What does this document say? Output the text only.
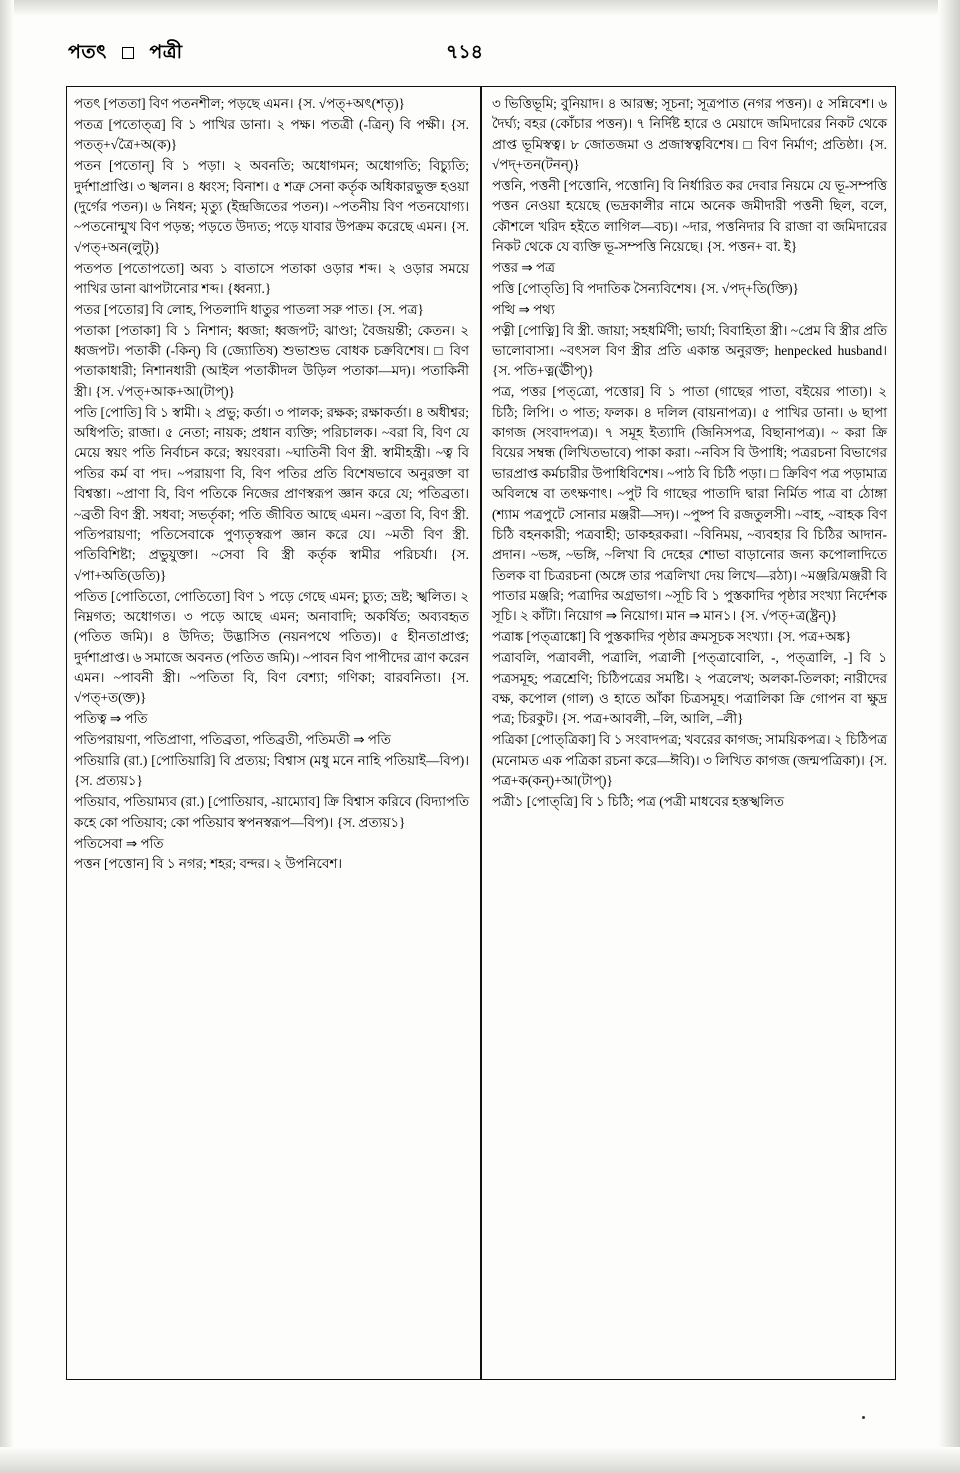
পতৎ পত্রী	৭১৪

পতৎ [পততা] বিণ পতনশীল; পড়ছে এমন। {স. √পত্‌+অৎ(শতৃ)}

পতত্র [পতোত্‌ত্র] বি ১ পাখির ডানা। ২ পক্ষ। পতত্রী (-ত্রিন্) বি পক্ষী। {স. পতত্‌+√ত্রৈ+অ(ক)}

পতন [পতোন্] বি ১ পড়া। ২ অবনতি; অধোগমন; অধোগতি; বিচ্যুতি; দুর্দশাপ্রাপ্তি। ৩ স্খলন। ৪ ধ্বংস; বিনাশ। ৫ শত্রু সেনা কর্তৃক অধিকারভুক্ত হওয়া (দুর্গের পতন)। ৬ নিধন; মৃত্যু (ইন্দ্রজিতের পতন)। ~পতনীয় বিণ পতনযোগ্য। ~পতনোন্মুখ বিণ পড়ন্ত; পড়তে উদ্যত; পড়ে যাবার উপক্রম করেছে এমন। {স. √পত্‌+অন(লুট্‌)}

পতপত [পতোপতো] অব্য ১ বাতাসে পতাকা ওড়ার শব্দ। ২ ওড়ার সময়ে পাখির ডানা ঝাপটানোর শব্দ। {ধ্বন্যা.}

পতর [পতোর] বি লোহ, পিতলাদি ধাতুর পাতলা সরু পাত। {স. পত্র}

পতাকা [পতাকা] বি ১ নিশান; ধ্বজা; ধ্বজপট; ঝাণ্ডা; বৈজয়ন্তী; কেতন। ২ ধ্বজপট। পতাকী (-কিন্) বি (জ্যোতিষ) শুভাশুভ বোধক চক্রবিশেষ। □ বিণ পতাকাধারী; নিশানধারী (আইল পতাকীদল উড়িল পতাকা—মদ)। পতাকিনী স্ত্রী। {স. √পত্‌+আক+আ(টাপ্)}

পতি [পোতি] বি ১ স্বামী। ২ প্রভু; কর্তা। ৩ পালক; রক্ষক; রক্ষাকর্তা। ৪ অধীশ্বর; অধিপতি; রাজা। ৫ নেতা; নায়ক; প্রধান ব্যক্তি; পরিচালক। ~বরা বি, বিণ যে মেয়ে স্বয়ং পতি নির্বাচন করে; স্বয়ংবরা। ~ঘাতিনী বিণ স্ত্রী. স্বামীহন্ত্রী। ~ত্ব বি পতির কর্ম বা পদ। ~পরায়ণা বি, বিণ পতির প্রতি বিশেষভাবে অনুরক্তা বা বিশ্বস্তা। ~প্রাণা বি, বিণ পতিকে নিজের প্রাণস্বরূপ জ্ঞান করে যে; পতিব্রতা। ~ব্রতী বিণ স্ত্রী. সধবা; সভর্তৃকা; পতি জীবিত আছে এমন। ~ব্রতা বি, বিণ স্ত্রী. পতিপরায়ণা; পতিসেবাকে পুণ্যতৃস্বরূপ জ্ঞান করে যে। ~মতী বিণ স্ত্রী. পতিবিশিষ্টা; প্রভুযুক্তা। ~সেবা বি স্ত্রী কর্তৃক স্বামীর পরিচর্যা। {স. √পা+অতি(ডতি)}

পতিত [পোতিতো, পোতিতো] বিণ ১ পড়ে গেছে এমন; চ্যুত; ভ্রষ্ট; স্খলিত। ২ নিম্নগত; অধোগত। ৩ পড়ে আছে এমন; অনাবাদি; অকর্ষিত; অব্যবহৃত (পতিত জমি)। ৪ উদিত; উদ্ভাসিত (নয়নপথে পতিত)। ৫ হীনতাপ্রাপ্ত; দুর্দশাপ্রাপ্ত। ৬ সমাজে অবনত (পতিত জমি)। ~পাবন বিণ পাপীদের ত্রাণ করেন এমন। ~পাবনী স্ত্রী। ~পতিতা বি, বিণ বেশ্যা; গণিকা; বারবনিতা। {স. √পত্‌+ত(ক্ত)}

পতিত্ব ⇒ পতি

পতিপরায়ণা, পতিপ্রাণা, পতিব্রতা, পতিব্রতী, পতিমতী ⇒ পতি

পতিয়ারি (রা.) [পোতিয়ারি] বি প্রত্যয়; বিশ্বাস (মধু মনে নাহি পতিয়াই—বিপ)। {স. প্রত্যয়১}

পতিয়াব, পতিয়াম্যব (রা.) [পোতিয়াব, -য়াম্যোব] ক্রি বিশ্বাস করিবে (বিদ্যাপতি কহে কো পতিয়াব; কো পতিয়াব স্বপনস্বরূপ—বিপ)। {স. প্রত্যয়১}

পতিসেবা ⇒ পতি

পত্তন [পত্তোন] বি ১ নগর; শহর; বন্দর। ২ উপনিবেশ।

৩ ভিত্তিভূমি; বুনিয়াদ। ৪ আরম্ভ; সূচনা; সূত্রপাত (নগর পত্তন)। ৫ সন্নিবেশ। ৬ দৈর্ঘ্য; বহর (কোঁচার পত্তন)। ৭ নির্দিষ্ট হারে ও মেয়াদে জমিদারের নিকট থেকে প্রাপ্ত ভূমিস্বত্ব। ৮ জোতজমা ও প্রজাস্বত্ববিশেষ। □ বিণ নির্মাণ; প্রতিষ্ঠা। {স. √পদ্‌+তন(টনন্)}

পত্তনি, পত্তনী [পত্তোনি, পত্তোনি] বি নির্ধারিত কর দেবার নিয়মে যে ভূ-সম্পত্তি পত্তন নেওয়া হয়েছে (ভদ্রকালীর নামে অনেক জমীদারী পত্তনী ছিল, বলে, কৌশলে খরিদ হইতে লাগিল—বচ)। ~দার, পত্তনিদার বি রাজা বা জমিদারের নিকট থেকে যে ব্যক্তি ভূ-সম্পত্তি নিয়েছে। {স. পত্তন+ বা. ই}

পত্তর ⇒ পত্র

পত্তি [পোত্‌তি] বি পদাতিক সৈন্যবিশেষ। {স. √পদ্‌+তি(ক্তি)}

পত্থি ⇒ পথ্য

পত্নী [পোত্নি] বি স্ত্রী. জায়া; সহধর্মিণী; ভার্যা; বিবাহিতা স্ত্রী। ~প্রেম বি স্ত্রীর প্রতি ভালোবাসা। ~বৎসল বিণ স্ত্রীর প্রতি একান্ত অনুরক্ত; henpecked husband। {স. পতি+ত্ন(ঊীপ্)}

পত্র, পত্তর [পত্‌ত্রো, পত্তোর] বি ১ পাতা (গাছের পাতা, বইয়ের পাতা)। ২ চিঠি; লিপি। ৩ পাত; ফলক। ৪ দলিল (বায়নাপত্র)। ৫ পাখির ডানা। ৬ ছাপা কাগজ (সংবাদপত্র)। ৭ সমূহ ইত্যাদি (জিনিসপত্র, বিছানাপত্র)। ~ করা ক্রি বিয়ের সম্বন্ধ (লিখিতভাবে) পাকা করা। ~নবিস বি উপাধি; পত্ররচনা বিভাগের ভারপ্রাপ্ত কর্মচারীর উপাধিবিশেষ। ~পাঠ বি চিঠি পড়া। □ ক্রিবিণ পত্র পড়ামাত্র অবিলম্বে বা তৎক্ষণাৎ। ~পুট বি গাছের পাতাদি দ্বারা নির্মিত পাত্র বা ঠোঙ্গা (শ্যাম পত্রপুটে সোনার মঞ্জরী—সদ)। ~পুষ্প বি রজতুলসী। ~বাহ, ~বাহক বিণ চিঠি বহনকারী; পত্রবাহী; ডাকহরকরা। ~বিনিময়, ~ব্যবহার বি চিঠির আদান-প্রদান। ~ভঙ্গ, ~ভঙ্গি, ~লিখা বি দেহের শোভা বাড়ানোর জন্য কপোলাদিতে তিলক বা চিত্ররচনা (অঙ্গে তার পত্রলিখা দেয় লিখে—রঠা)। ~মঞ্জরি/মঞ্জরী বি পাতার মঞ্জরি; পত্রাদির অগ্রভাগ। ~সূচি বি ১ পুস্তকাদির পৃষ্ঠার সংখ্যা নির্দেশক সূচি। ২ কাঁটা। নিয়োগ ⇒ নিয়োগ। মান ⇒ মান১। {স. √পত্‌+ত্র(ষ্ট্রন্)}

পত্রাঙ্ক [পত্‌ত্রাঙ্কো] বি পুস্তকাদির পৃষ্ঠার ক্রমসূচক সংখ্যা। {স. পত্র+অঙ্ক}

পত্রাবলি, পত্রাবলী, পত্রালি, পত্রালী [পত্‌ত্রাবোলি, -, পত্‌ত্রালি, -] বি ১ পত্রসমূহ; পত্রশ্রেণি; চিঠিপত্রের সমষ্টি। ২ পত্রলেখ; অলকা-তিলকা; নারীদের বক্ষ, কপোল (গাল) ও হাতে আঁকা চিত্রসমূহ। পত্রালিকা ক্রি গোপন বা ক্ষুদ্র পত্র; চিরকুট। {স. পত্র+আবলী, –লি, আলি, –লী}

পত্রিকা [পোত্‌ত্রিকা] বি ১ সংবাদপত্র; খবরের কাগজ; সাময়িকপত্র। ২ চিঠিপত্র (মনোমত এক পত্রিকা রচনা করে—ঈবি)। ৩ লিখিত কাগজ (জন্মপত্রিকা)। {স. পত্র+ক(কন্)+আ(টাপ্)}

পত্রী১ [পোত্‌ত্রি] বি ১ চিঠি; পত্র (পত্রী মাধবের হস্তস্খলিত
